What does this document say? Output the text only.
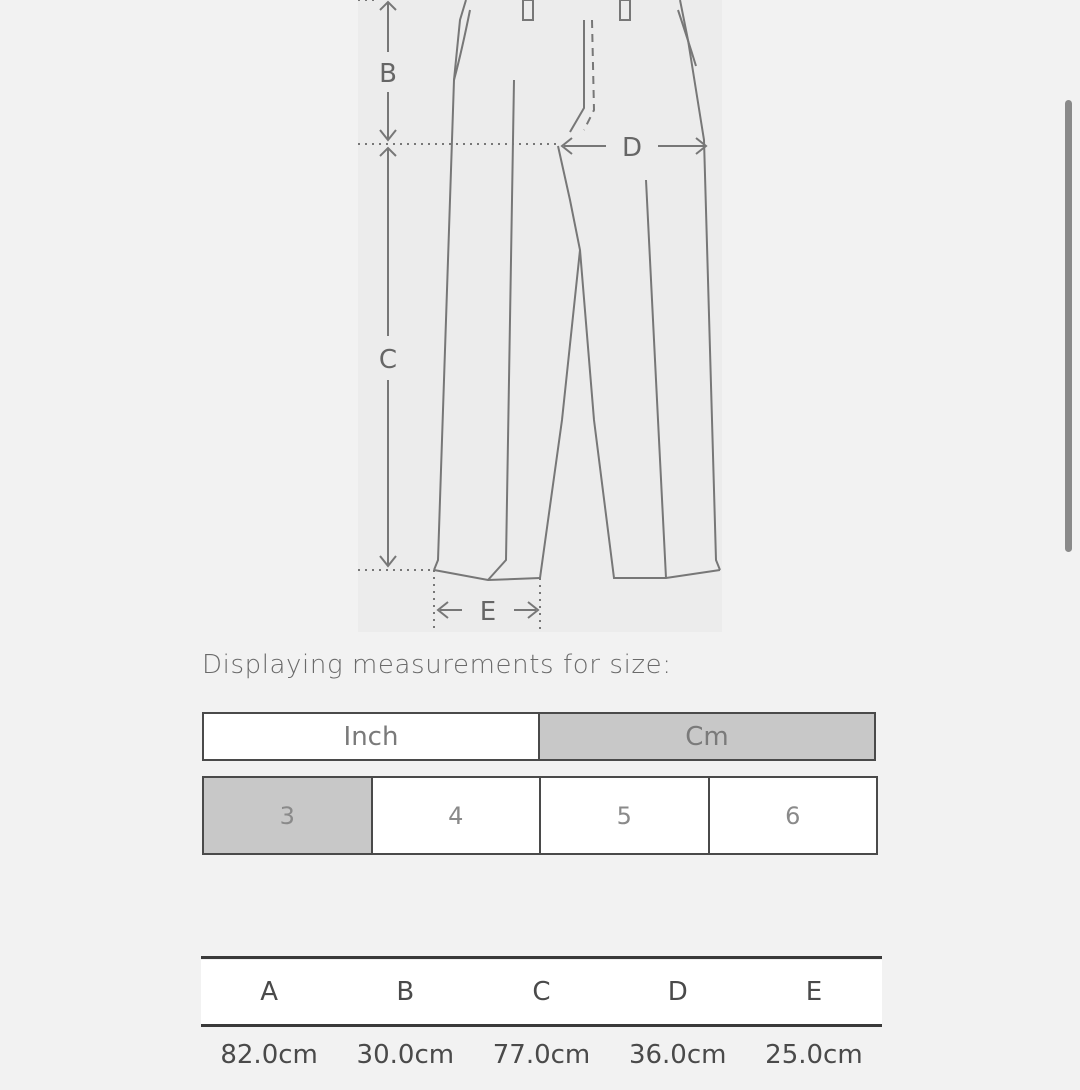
B
C
D
E
Displaying measurements for size:
Inch	Cm
3	4	5	6
A	B	C	D	E
82.0cm	30.0cm	77.0cm	36.0cm	25.0cm
